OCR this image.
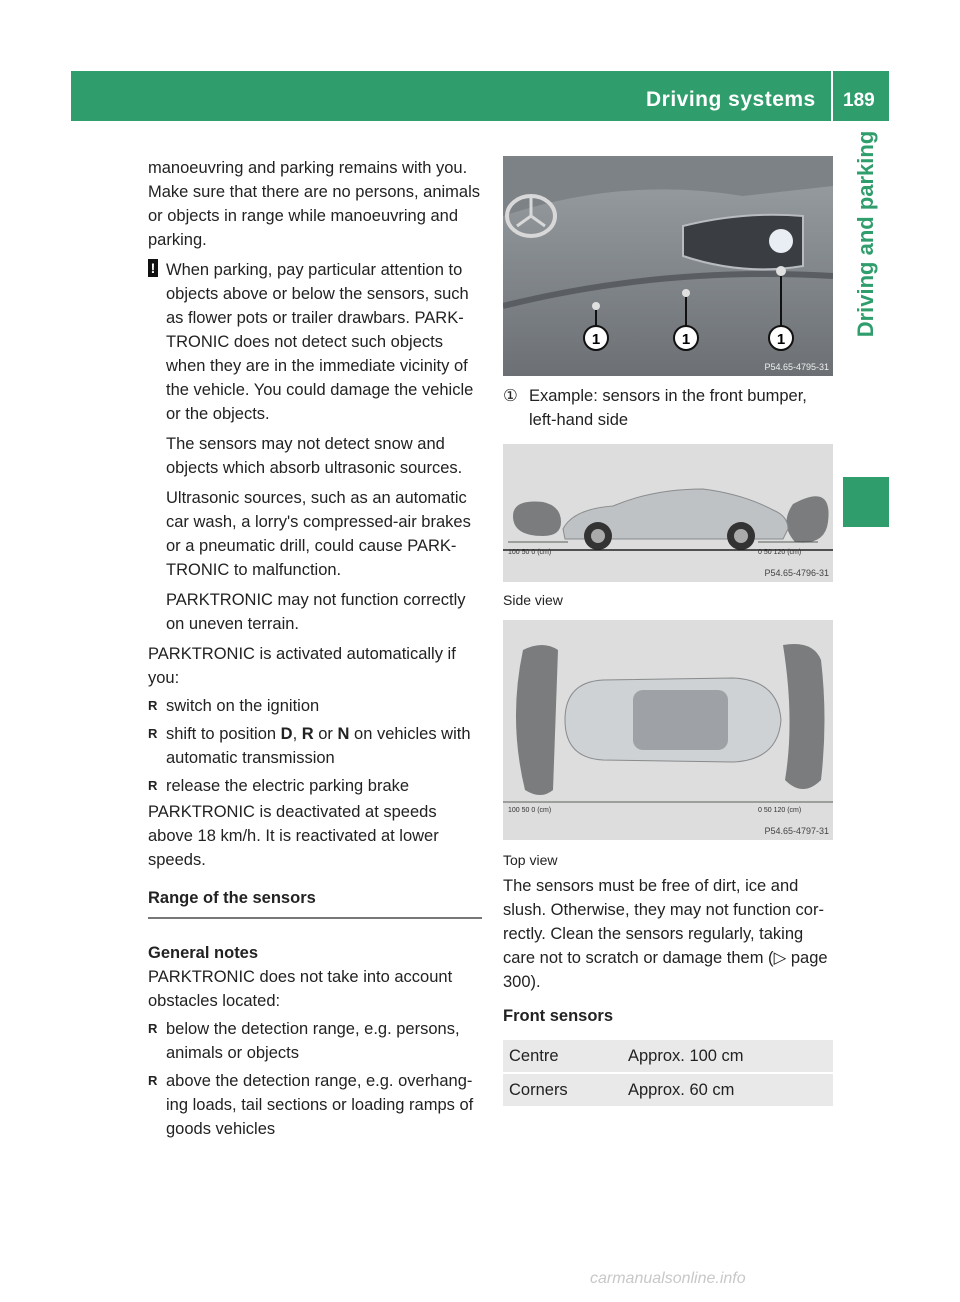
Driving systems 189
Driving and parking

manoeuvring and parking remains with you. Make sure that there are no persons, animals or objects in range while manoeuvring and parking.

! When parking, pay particular attention to objects above or below the sensors, such as flower pots or trailer drawbars. PARK-TRONIC does not detect such objects when they are in the immediate vicinity of the vehicle. You could damage the vehicle or the objects.

The sensors may not detect snow and objects which absorb ultrasonic sources.

Ultrasonic sources, such as an automatic car wash, a lorry's compressed-air brakes or a pneumatic drill, could cause PARK-TRONIC to malfunction.

PARKTRONIC may not function correctly on uneven terrain.

PARKTRONIC is activated automatically if you:

R switch on the ignition
R shift to position D, R or N on vehicles with automatic transmission
R release the electric parking brake

PARKTRONIC is deactivated at speeds above 18 km/h. It is reactivated at lower speeds.

Range of the sensors
General notes

PARKTRONIC does not take into account obstacles located:

R below the detection range, e.g. persons, animals or objects
R above the detection range, e.g. overhang-ing loads, tail sections or loading ramps of goods vehicles
1	1	1
P54.65-4795-31
① Example: sensors in the front bumper, left-hand side
100 50 0 (cm)	0 50 120 (cm)
P54.65-4796-31
Side view
100 50 0 (cm)	0 50 120 (cm)
P54.65-4797-31
Top view

The sensors must be free of dirt, ice and slush. Otherwise, they may not function cor-rectly. Clean the sensors regularly, taking care not to scratch or damage them (▷ page 300).

Front sensors
Centre	Approx. 100 cm
Corners	Approx. 60 cm
carmanualsonline.info
